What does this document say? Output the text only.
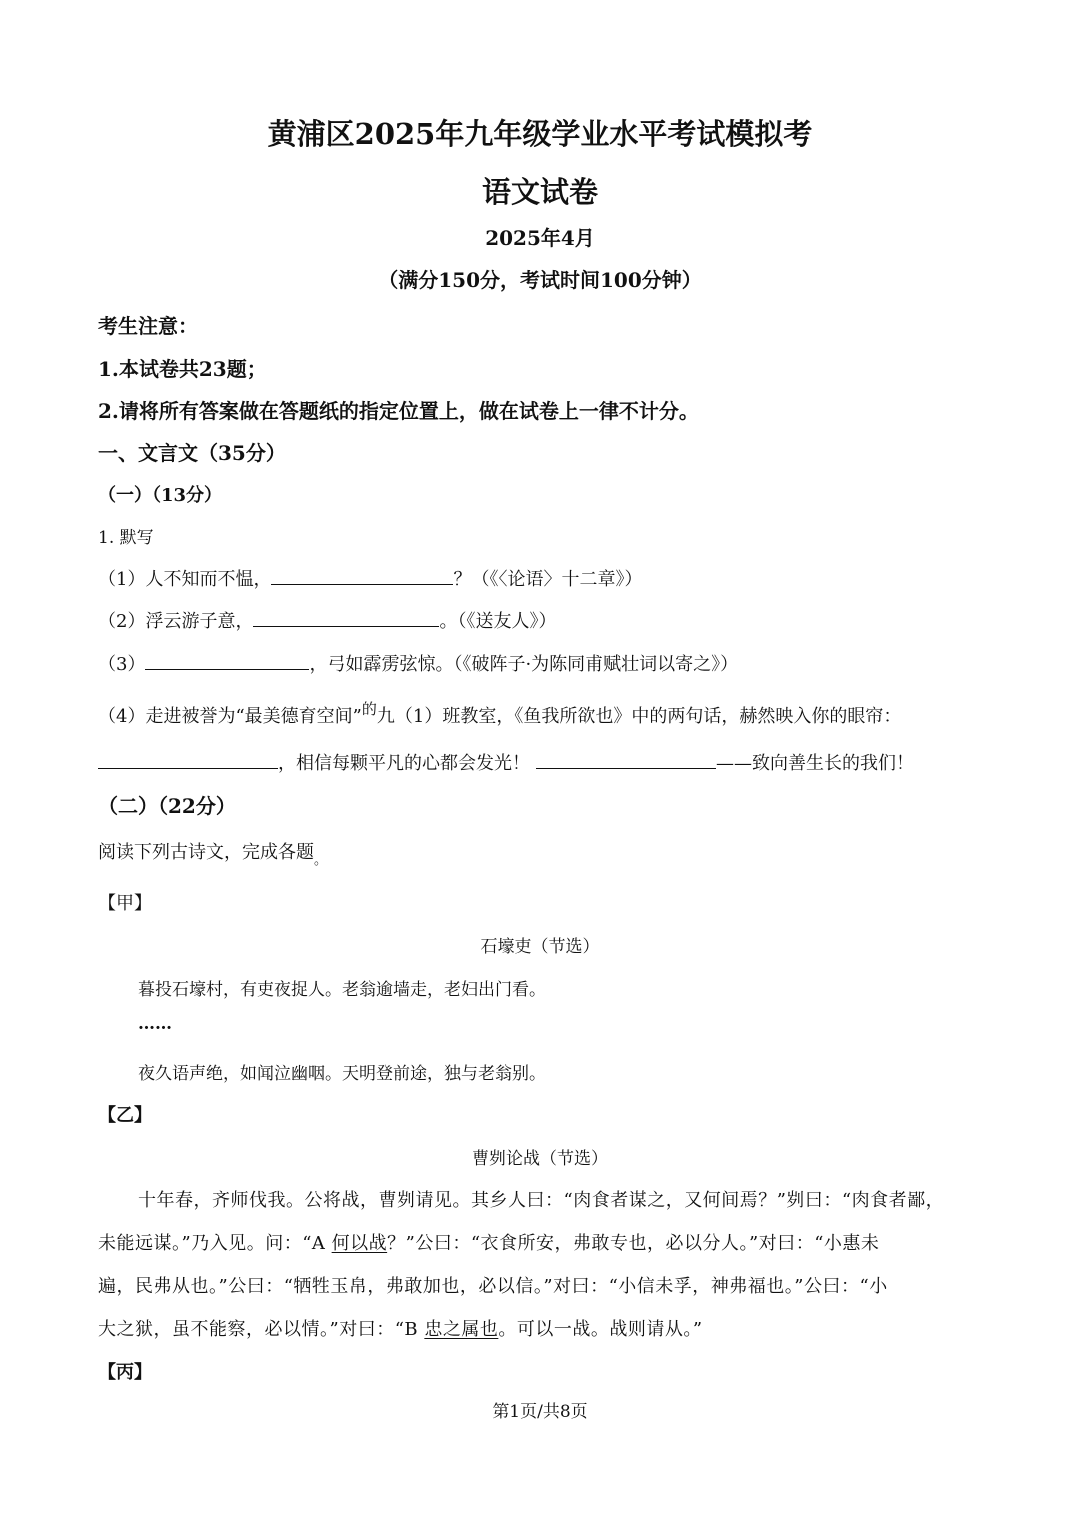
黄浦区2025年九年级学业水平考试模拟考
语文试卷
2025年4月
（满分150分，考试时间100分钟）
考生注意：
1.本试卷共23题；
2.请将所有答案做在答题纸的指定位置上，做在试卷上一律不计分。
一、文言文（35分）
（一）（13分）
1. 默写
（1）人不知而不愠，	？（《〈论语〉十二章》）
（2）浮云游子意，	。（《送友人》）
（3）	，弓如霹雳弦惊。（《破阵子·为陈同甫赋壮词以寄之》）
（4）走进被誉为“最美德育空间”$^的$九（1）班教室，《鱼我所欲也》中的两句话，赫然映入你的眼帘：
，相信每颗平凡的心都会发光！	——致向善生长的我们！
（二）（22分）
阅读下列古诗文，完成各题$_。$
【甲】
石壕吏（节选）
暮投石壕村，有吏夜捉人。老翁逾墙走，老妇出门看。
……
夜久语声绝，如闻泣幽咽。天明登前途，独与老翁别。
【乙】
曹刿论战（节选）
十年春，齐师伐我。公将战，曹刿请见。其乡人曰：“肉食者谋之，又何间焉？”刿曰：“肉食者鄙，
未能远谋。”乃入见。问：“A 何以战？”公曰：“衣食所安，弗敢专也，必以分人。”对曰：“小惠未
遍，民弗从也。”公曰：“牺牲玉帛，弗敢加也，必以信。”对曰：“小信未孚，神弗福也。”公曰：“小
大之狱，虽不能察，必以情。”对曰：“B 忠之属也。可以一战。战则请从。”
【丙】
第1页/共8页
